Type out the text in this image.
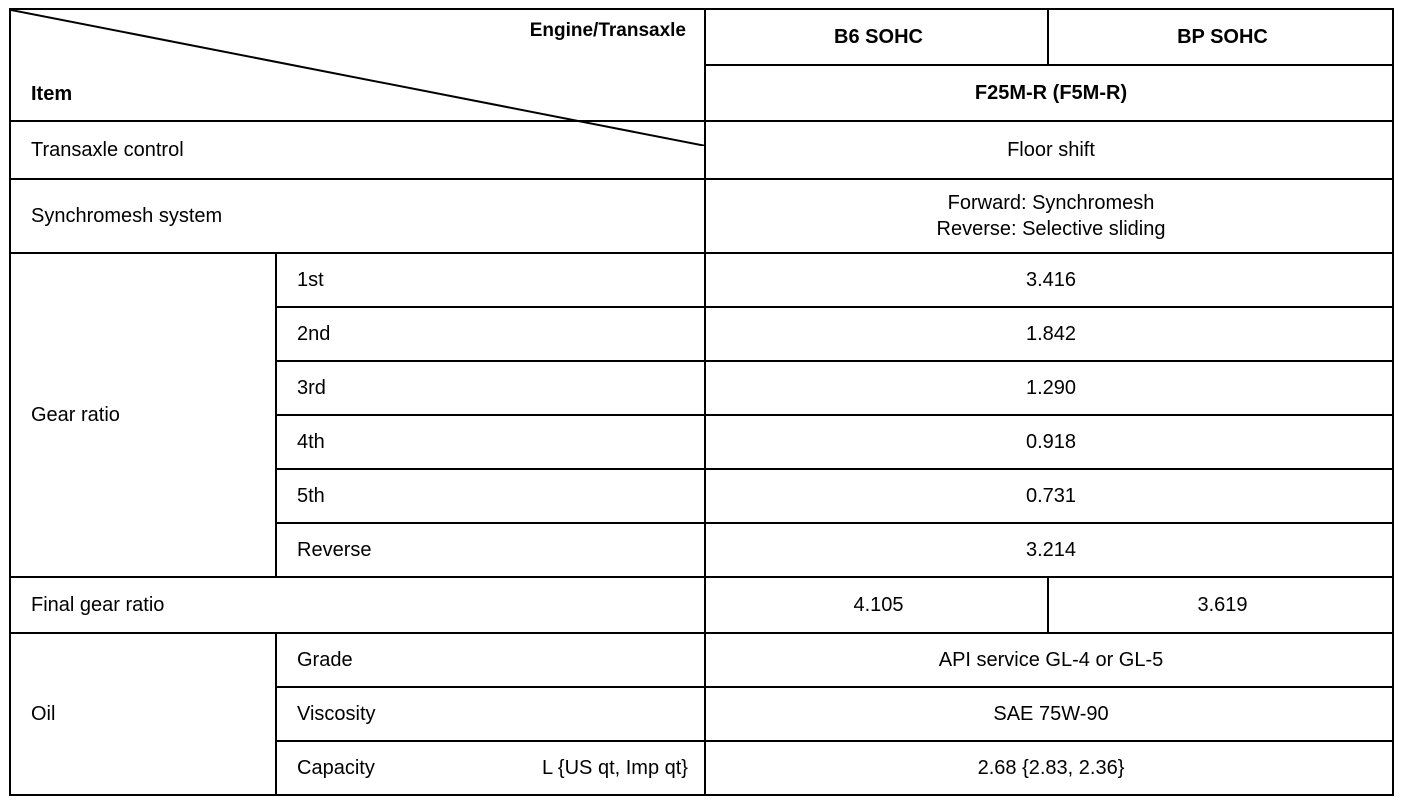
Engine/Transaxle
Item		B6 SOHC	BP SOHC
		F25M-R (F5M-R)	
Transaxle control		Floor shift	
Synchromesh system		Forward: Synchromesh
Reverse: Selective sliding	

Gear ratio	1st	3.416	
	2nd	1.842	
	3rd	1.290	
	4th	0.918	
	5th	0.731	
	Reverse	3.214	
Final gear ratio		4.105	3.619
Oil	Grade	API service GL-4 or GL-5	
	Viscosity	SAE 75W-90	
	Capacity L {US qt, Imp qt}	2.68 {2.83, 2.36}	
